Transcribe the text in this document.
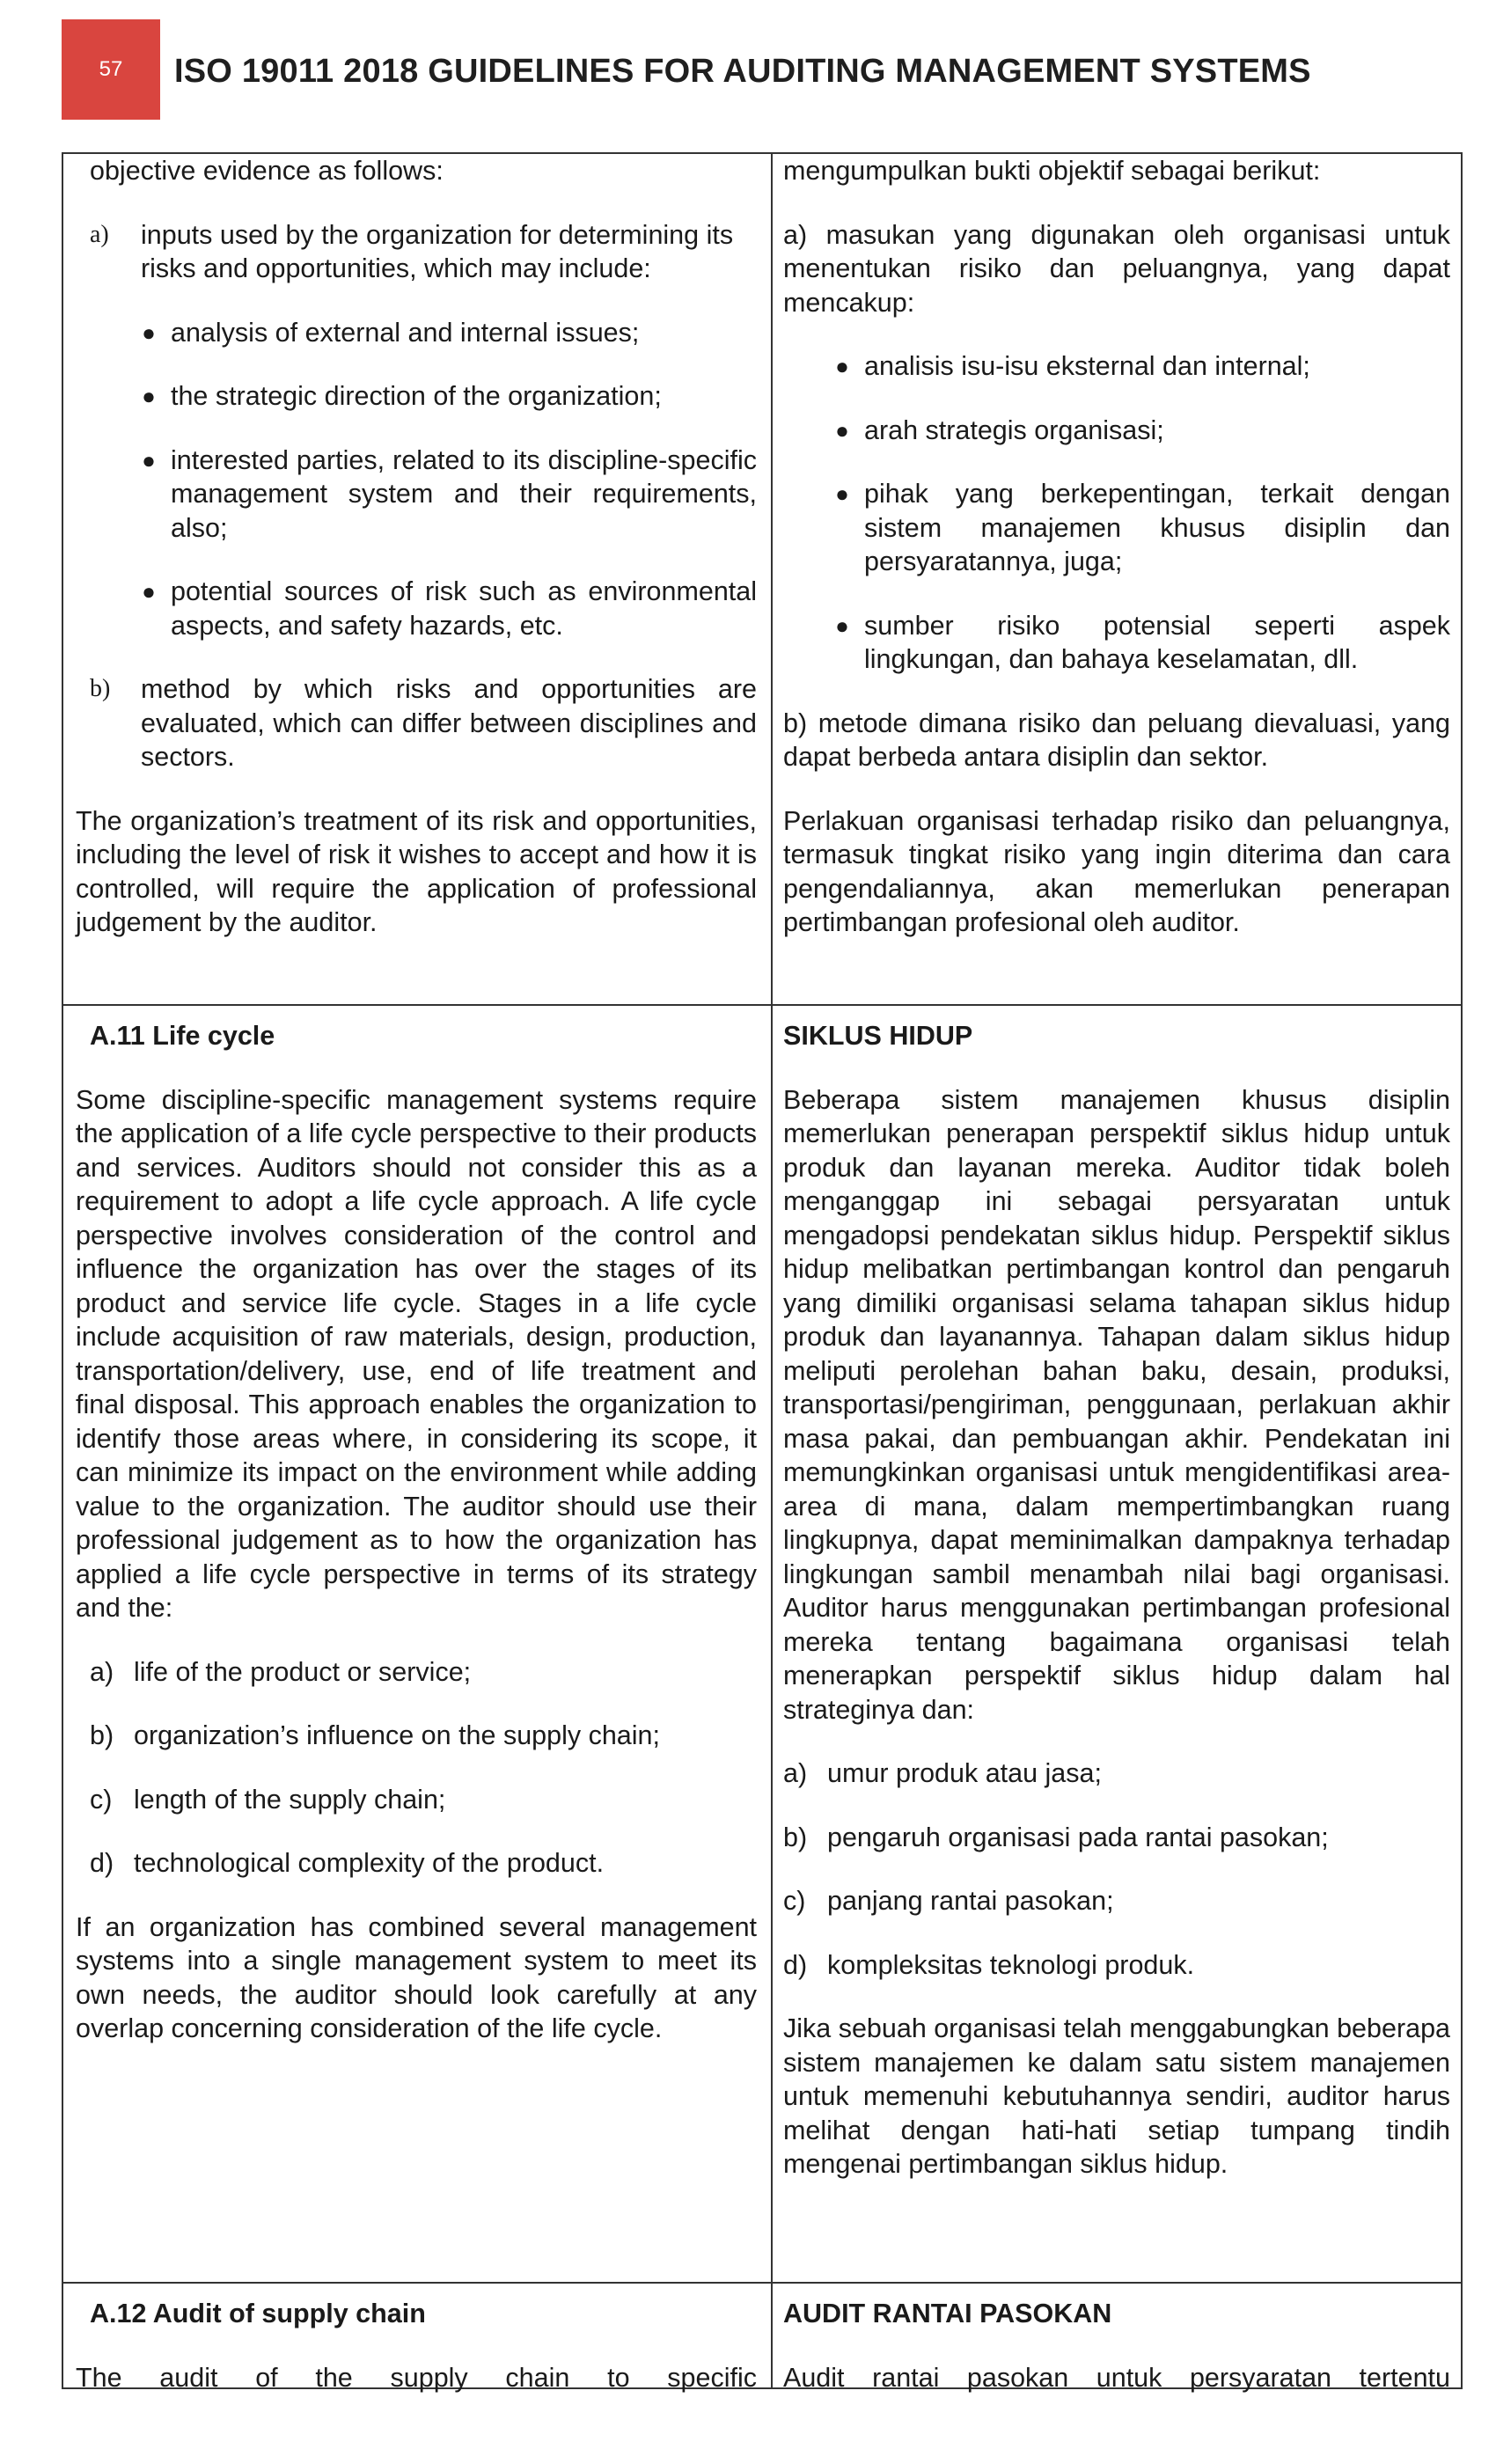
57 ISO 19011 2018 GUIDELINES FOR AUDITING MANAGEMENT SYSTEMS

objective evidence as follows:

a)	inputs used by the organization for determining its risks and opportunities, which may include:
● analysis of external and internal issues;
● the strategic direction of the organization;
● interested parties, related to its discipline-specific management system and their requirements, also;
● potential sources of risk such as environmental aspects, and safety hazards, etc.
b)	method by which risks and opportunities are evaluated, which can differ between disciplines and sectors.

The organization’s treatment of its risk and opportunities, including the level of risk it wishes to accept and how it is controlled, will require the application of professional judgement by the auditor.

mengumpulkan bukti objektif sebagai berikut:

a) masukan yang digunakan oleh organisasi untuk menentukan risiko dan peluangnya, yang dapat mencakup:

● analisis isu-isu eksternal dan internal;
● arah strategis organisasi;
● pihak yang berkepentingan, terkait dengan sistem manajemen khusus disiplin dan persyaratannya, juga;
● sumber risiko potensial seperti aspek lingkungan, dan bahaya keselamatan, dll.

b) metode dimana risiko dan peluang dievaluasi, yang dapat berbeda antara disiplin dan sektor.

Perlakuan organisasi terhadap risiko dan peluangnya, termasuk tingkat risiko yang ingin diterima dan cara pengendaliannya, akan memerlukan penerapan pertimbangan profesional oleh auditor.

A.11 Life cycle

Some discipline-specific management systems require the application of a life cycle perspective to their products and services. Auditors should not consider this as a requirement to adopt a life cycle approach. A life cycle perspective involves consideration of the control and influence the organization has over the stages of its product and service life cycle. Stages in a life cycle include acquisition of raw materials, design, production, transportation/delivery, use, end of life treatment and final disposal. This approach enables the organization to identify those areas where, in considering its scope, it can minimize its impact on the environment while adding value to the organization. The auditor should use their professional judgement as to how the organization has applied a life cycle perspective in terms of its strategy and the:

a) life of the product or service;
b) organization’s influence on the supply chain;
c) length of the supply chain;
d) technological complexity of the product.

If an organization has combined several management systems into a single management system to meet its own needs, the auditor should look carefully at any overlap concerning consideration of the life cycle.

SIKLUS HIDUP

Beberapa sistem manajemen khusus disiplin memerlukan penerapan perspektif siklus hidup untuk produk dan layanan mereka. Auditor tidak boleh menganggap ini sebagai persyaratan untuk mengadopsi pendekatan siklus hidup. Perspektif siklus hidup melibatkan pertimbangan kontrol dan pengaruh yang dimiliki organisasi selama tahapan siklus hidup produk dan layanannya. Tahapan dalam siklus hidup meliputi perolehan bahan baku, desain, produksi, transportasi/pengiriman, penggunaan, perlakuan akhir masa pakai, dan pembuangan akhir. Pendekatan ini memungkinkan organisasi untuk mengidentifikasi area-area di mana, dalam mempertimbangkan ruang lingkupnya, dapat meminimalkan dampaknya terhadap lingkungan sambil menambah nilai bagi organisasi. Auditor harus menggunakan pertimbangan profesional mereka tentang bagaimana organisasi telah menerapkan perspektif siklus hidup dalam hal strateginya dan:

a) umur produk atau jasa;
b) pengaruh organisasi pada rantai pasokan;
c) panjang rantai pasokan;
d) kompleksitas teknologi produk.

Jika sebuah organisasi telah menggabungkan beberapa sistem manajemen ke dalam satu sistem manajemen untuk memenuhi kebutuhannya sendiri, auditor harus melihat dengan hati-hati setiap tumpang tindih mengenai pertimbangan siklus hidup.

A.12 Audit of supply chain

The audit of the supply chain to specific

AUDIT RANTAI PASOKAN

Audit rantai pasokan untuk persyaratan tertentu
